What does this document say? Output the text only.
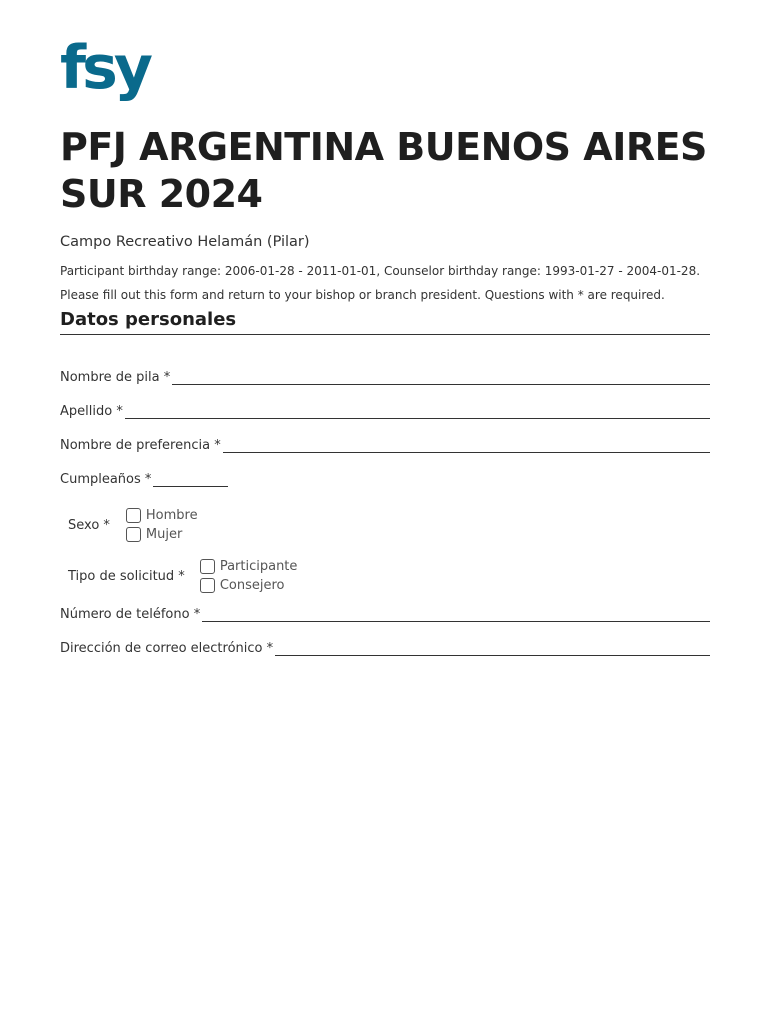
fsy
PFJ ARGENTINA BUENOS AIRES SUR 2024
Campo Recreativo Helamán (Pilar)
Participant birthday range: 2006-01-28 - 2011-01-01, Counselor birthday range: 1993-01-27 - 2004-01-28.
Please fill out this form and return to your bishop or branch president. Questions with * are required.
Datos personales
Nombre de pila *
Apellido *
Nombre de preferencia *
Cumpleaños *
Sexo *
Hombre
Mujer
Tipo de solicitud *
Participante
Consejero
Número de teléfono *
Dirección de correo electrónico *
